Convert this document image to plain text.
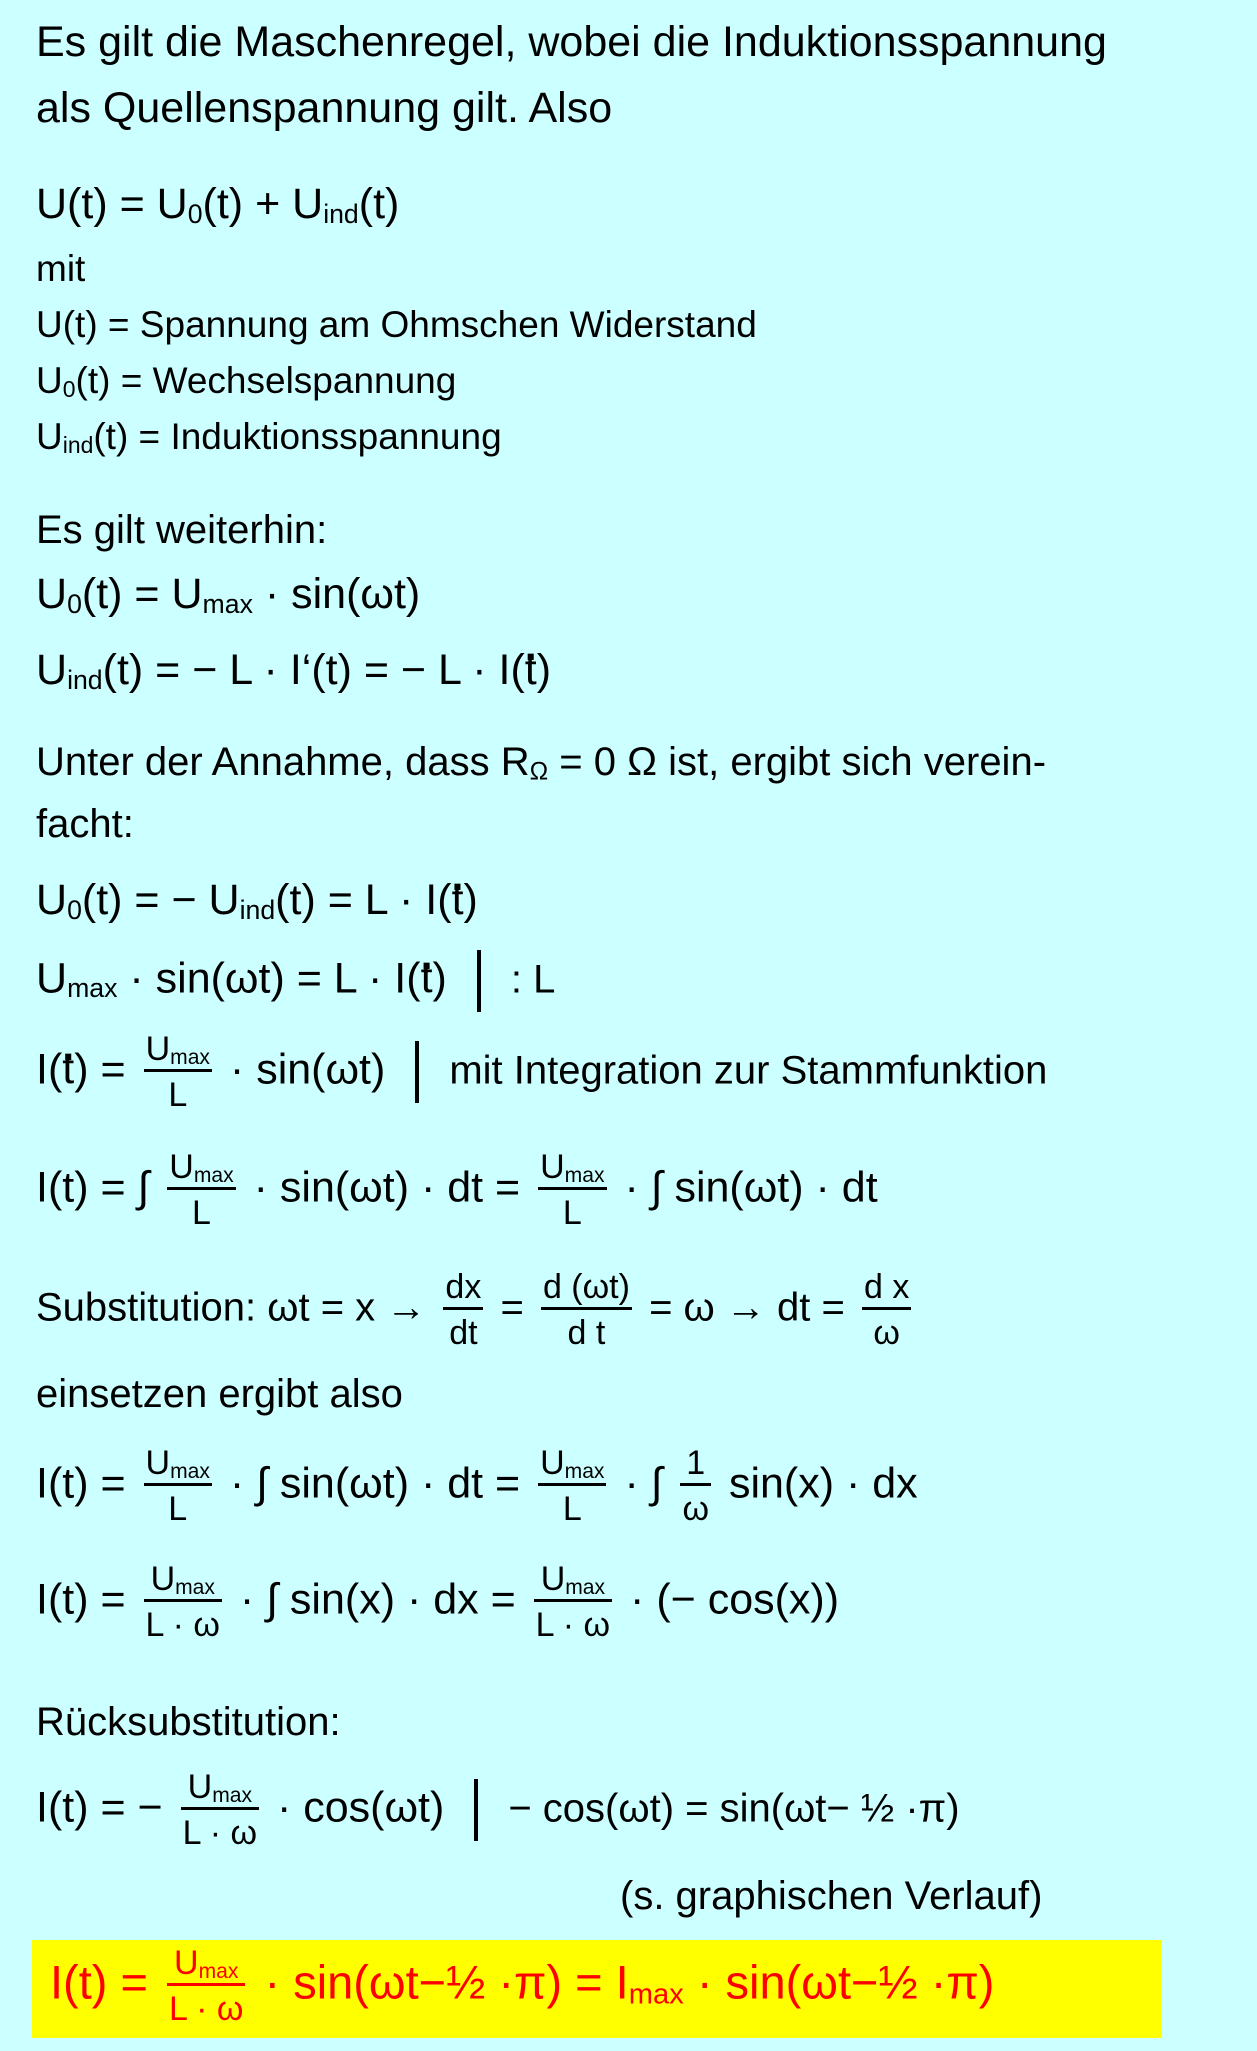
Es gilt die Maschenregel, wobei die Induktionsspannung
als Quellenspannung gilt. Also
$U(t) = U_0(t) + U_{ind}(t)$
mit
U(t) = Spannung am Ohmschen Widerstand
$U_0(t)$ = Wechselspannung
$U_{ind}(t)$ = Induktionsspannung
Es gilt weiterhin:
$U_0(t) = U_{max} \cdot \sin(\omega t)$
$U_{ind}(t)$ = − L · I‘(t) = − L · I(t .)
Unter der Annahme, dass $R_\Omega = 0$ Ω ist, ergibt sich verein-
facht:
$U_0(t)$ = − $U_{ind}(t) = L \cdot I(t$ .)
$U_{max} \cdot \sin(\omega t) = L \cdot I(t$ .) : L
I(t .) = $\frac{U_{max}}{L} \cdot \sin(\omega t)$ mit Integration zur Stammfunktion
I(t) = ∫ $\frac{U_{max}}{L} \cdot \sin(\omega t)$ · dt = $\frac{U_{max}}{L}$ · ∫ sin(ωt) · dt
Substitution: $\omega t = x \to \frac{dx}{dt} = \frac{d (\omega t)}{\text{d t}} = \omega$ → dt = $\frac{\text{d x}}{\omega}$
einsetzen ergibt also
$I(t) = \frac{U_{max}}{L}$ · ∫ sin(ωt) · dt = $\frac{U_{max}}{L}$ · ∫ $\frac{1}{\omega} \sin(x)$ · dx
$I(t) = \frac{U_{max}}{L \cdot \omega}$ · ∫ sin(x) · dx = $\frac{U_{max}}{L \cdot \omega}$ · (− cos(x))
Rücksubstitution:
I(t) = − $\frac{U_{max}}{L \cdot \omega} \cdot \cos(\omega t) - \cos(\omega t) = \sin(\omega t-$ ½ ·π)
(s. graphischen Verlauf)
$I(t) = \frac{U_{max}}{L \cdot \omega}$ · sin(ωt−½ $\cdot\pi) = I_{max}$ · sin(ωt−½ ·π)
